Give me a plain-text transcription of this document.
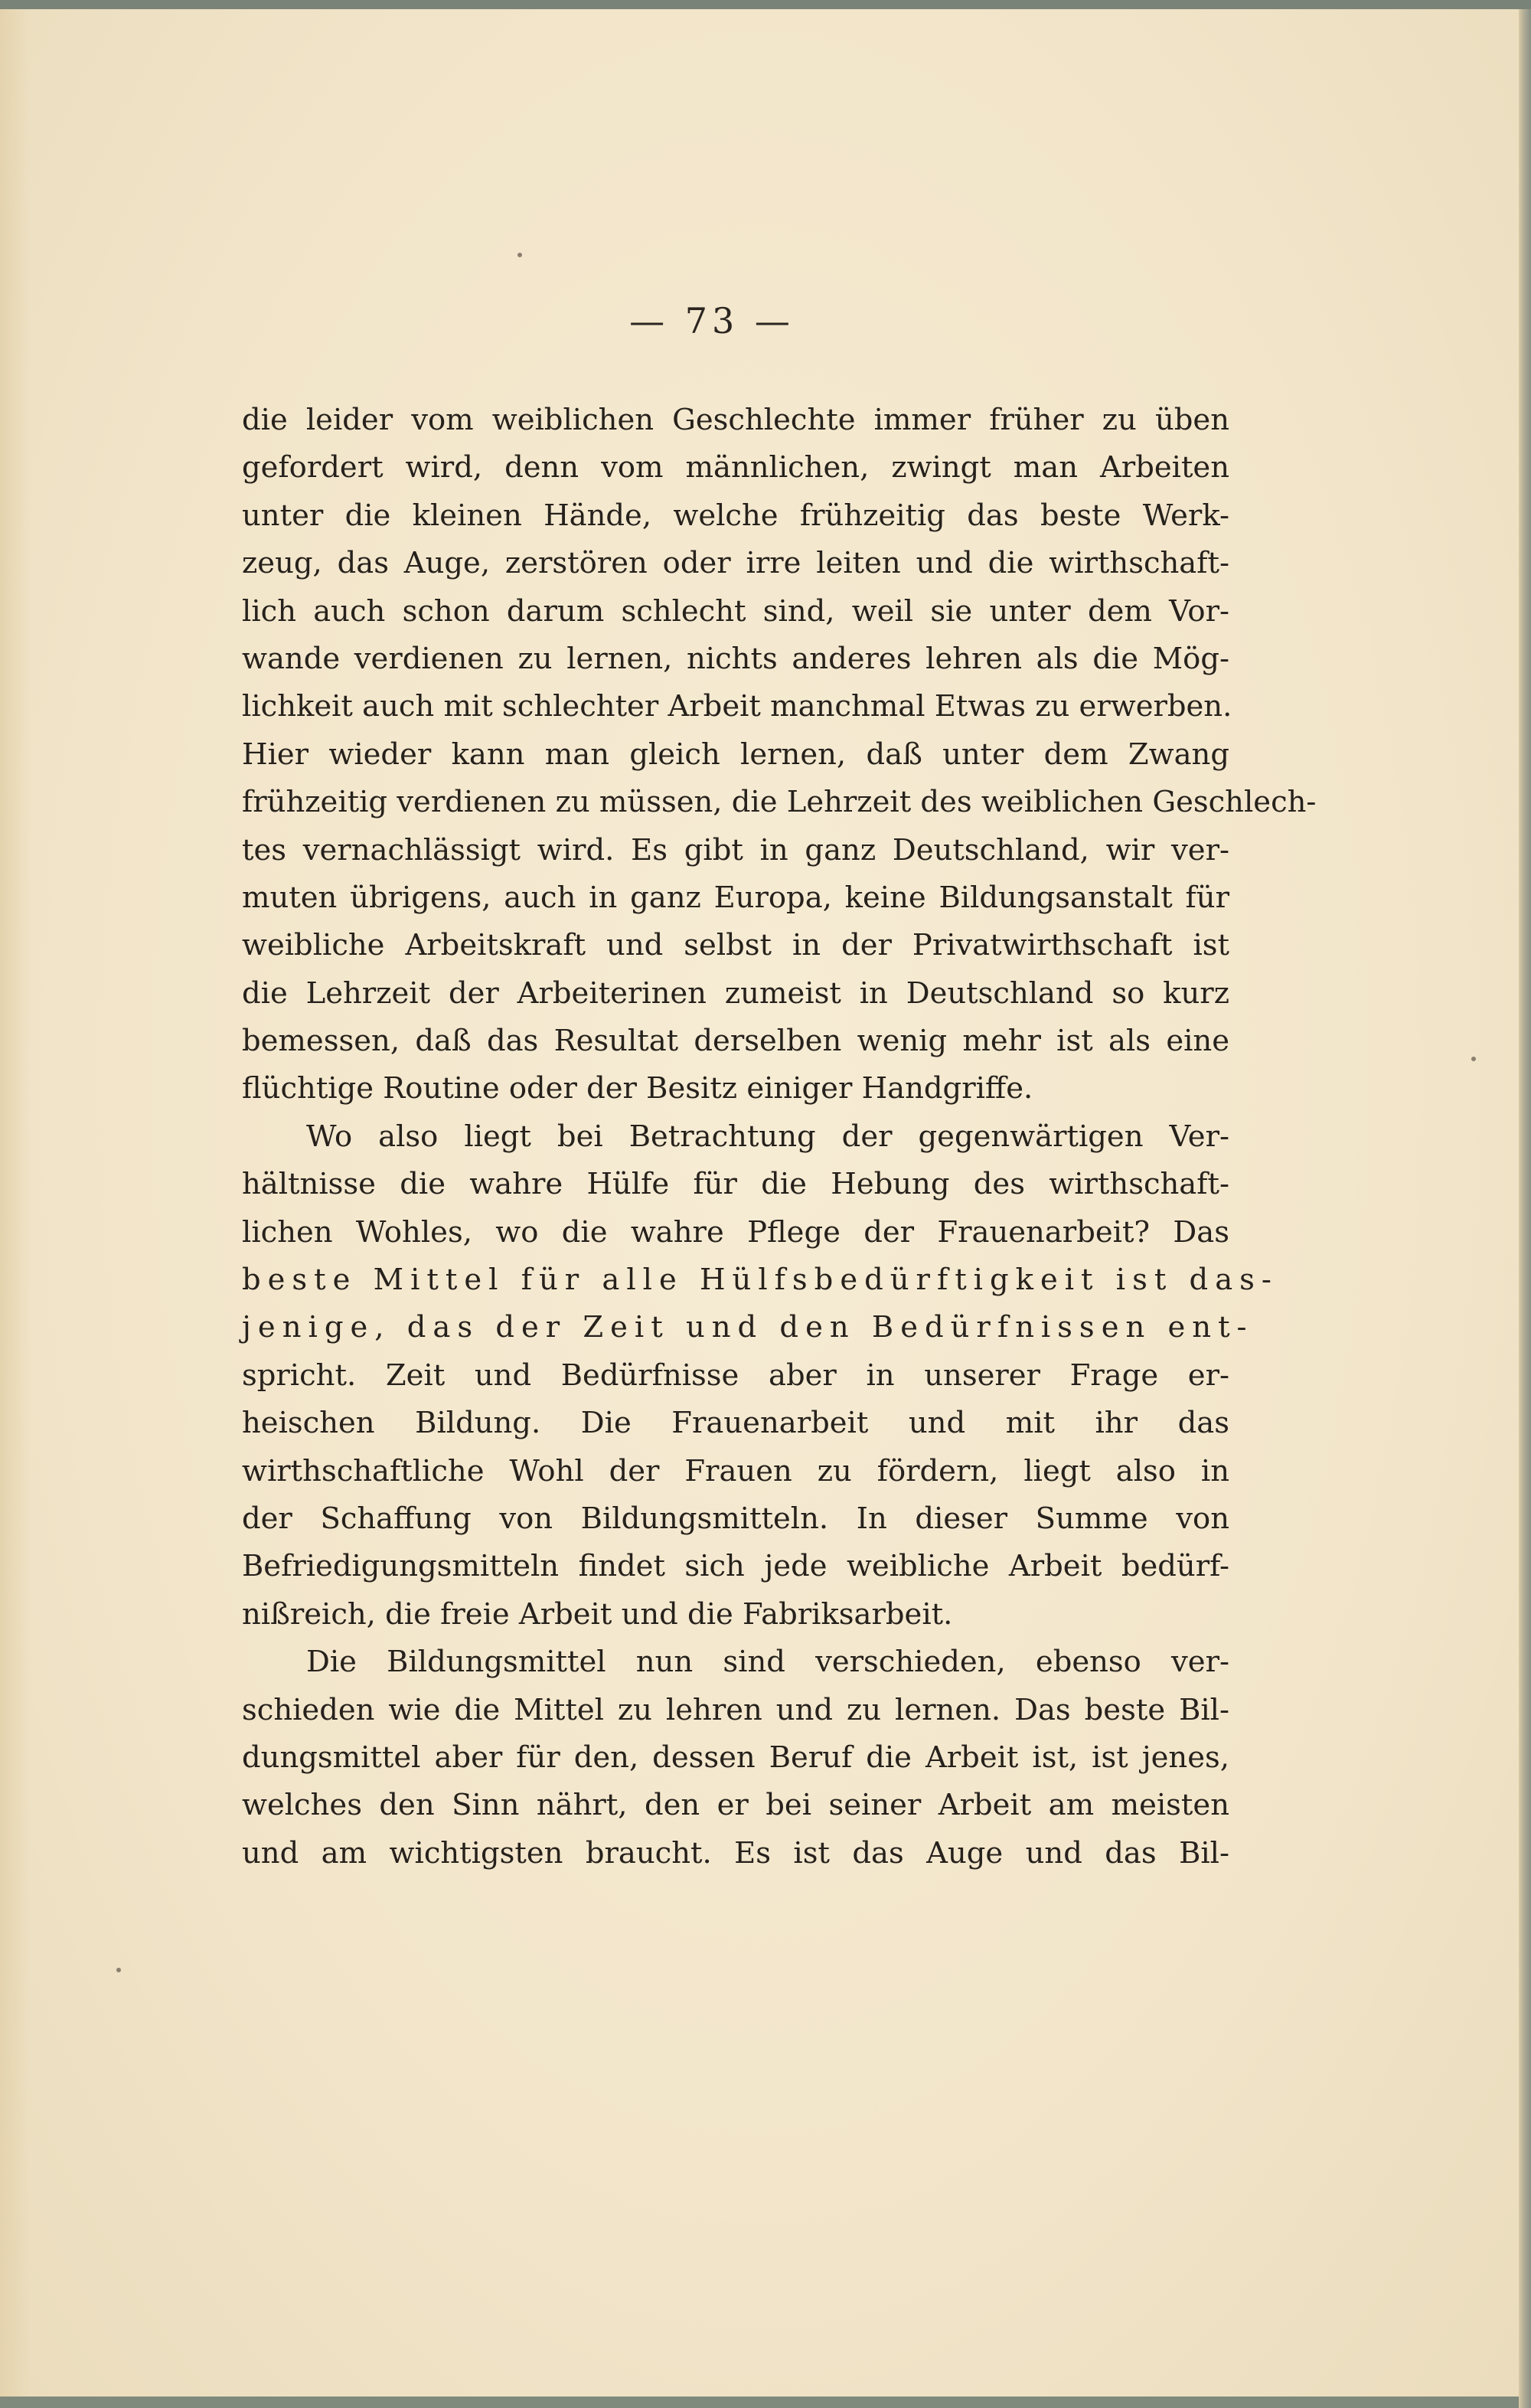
— 73 —
die leider vom weiblichen Geschlechte immer früher zu üben
gefordert wird, denn vom männlichen, zwingt man Arbeiten
unter die kleinen Hände, welche frühzeitig das beste Werk-
zeug, das Auge, zerstören oder irre leiten und die wirthschaft-
lich auch schon darum schlecht sind, weil sie unter dem Vor-
wande verdienen zu lernen, nichts anderes lehren als die Mög-
lichkeit auch mit schlechter Arbeit manchmal Etwas zu erwerben.
Hier wieder kann man gleich lernen, daß unter dem Zwang
frühzeitig verdienen zu müssen, die Lehrzeit des weiblichen Geschlech-
tes vernachlässigt wird. Es gibt in ganz Deutschland, wir ver-
muten übrigens, auch in ganz Europa, keine Bildungsanstalt für
weibliche Arbeitskraft und selbst in der Privatwirthschaft ist
die Lehrzeit der Arbeiterinen zumeist in Deutschland so kurz
bemessen, daß das Resultat derselben wenig mehr ist als eine
flüchtige Routine oder der Besitz einiger Handgriffe.
Wo also liegt bei Betrachtung der gegenwärtigen Ver-
hältnisse die wahre Hülfe für die Hebung des wirthschaft-
lichen Wohles, wo die wahre Pflege der Frauenarbeit? Das
beste Mittel für alle Hülfsbedürftigkeit ist das-
jenige, das der Zeit und den Bedürfnissen ent-
spricht. Zeit und Bedürfnisse aber in unserer Frage er-
heischen Bildung. Die Frauenarbeit und mit ihr das
wirthschaftliche Wohl der Frauen zu fördern, liegt also in
der Schaffung von Bildungsmitteln. In dieser Summe von
Befriedigungsmitteln findet sich jede weibliche Arbeit bedürf-
nißreich, die freie Arbeit und die Fabriksarbeit.
Die Bildungsmittel nun sind verschieden, ebenso ver-
schieden wie die Mittel zu lehren und zu lernen. Das beste Bil-
dungsmittel aber für den, dessen Beruf die Arbeit ist, ist jenes,
welches den Sinn nährt, den er bei seiner Arbeit am meisten
und am wichtigsten braucht. Es ist das Auge und das Bil-
